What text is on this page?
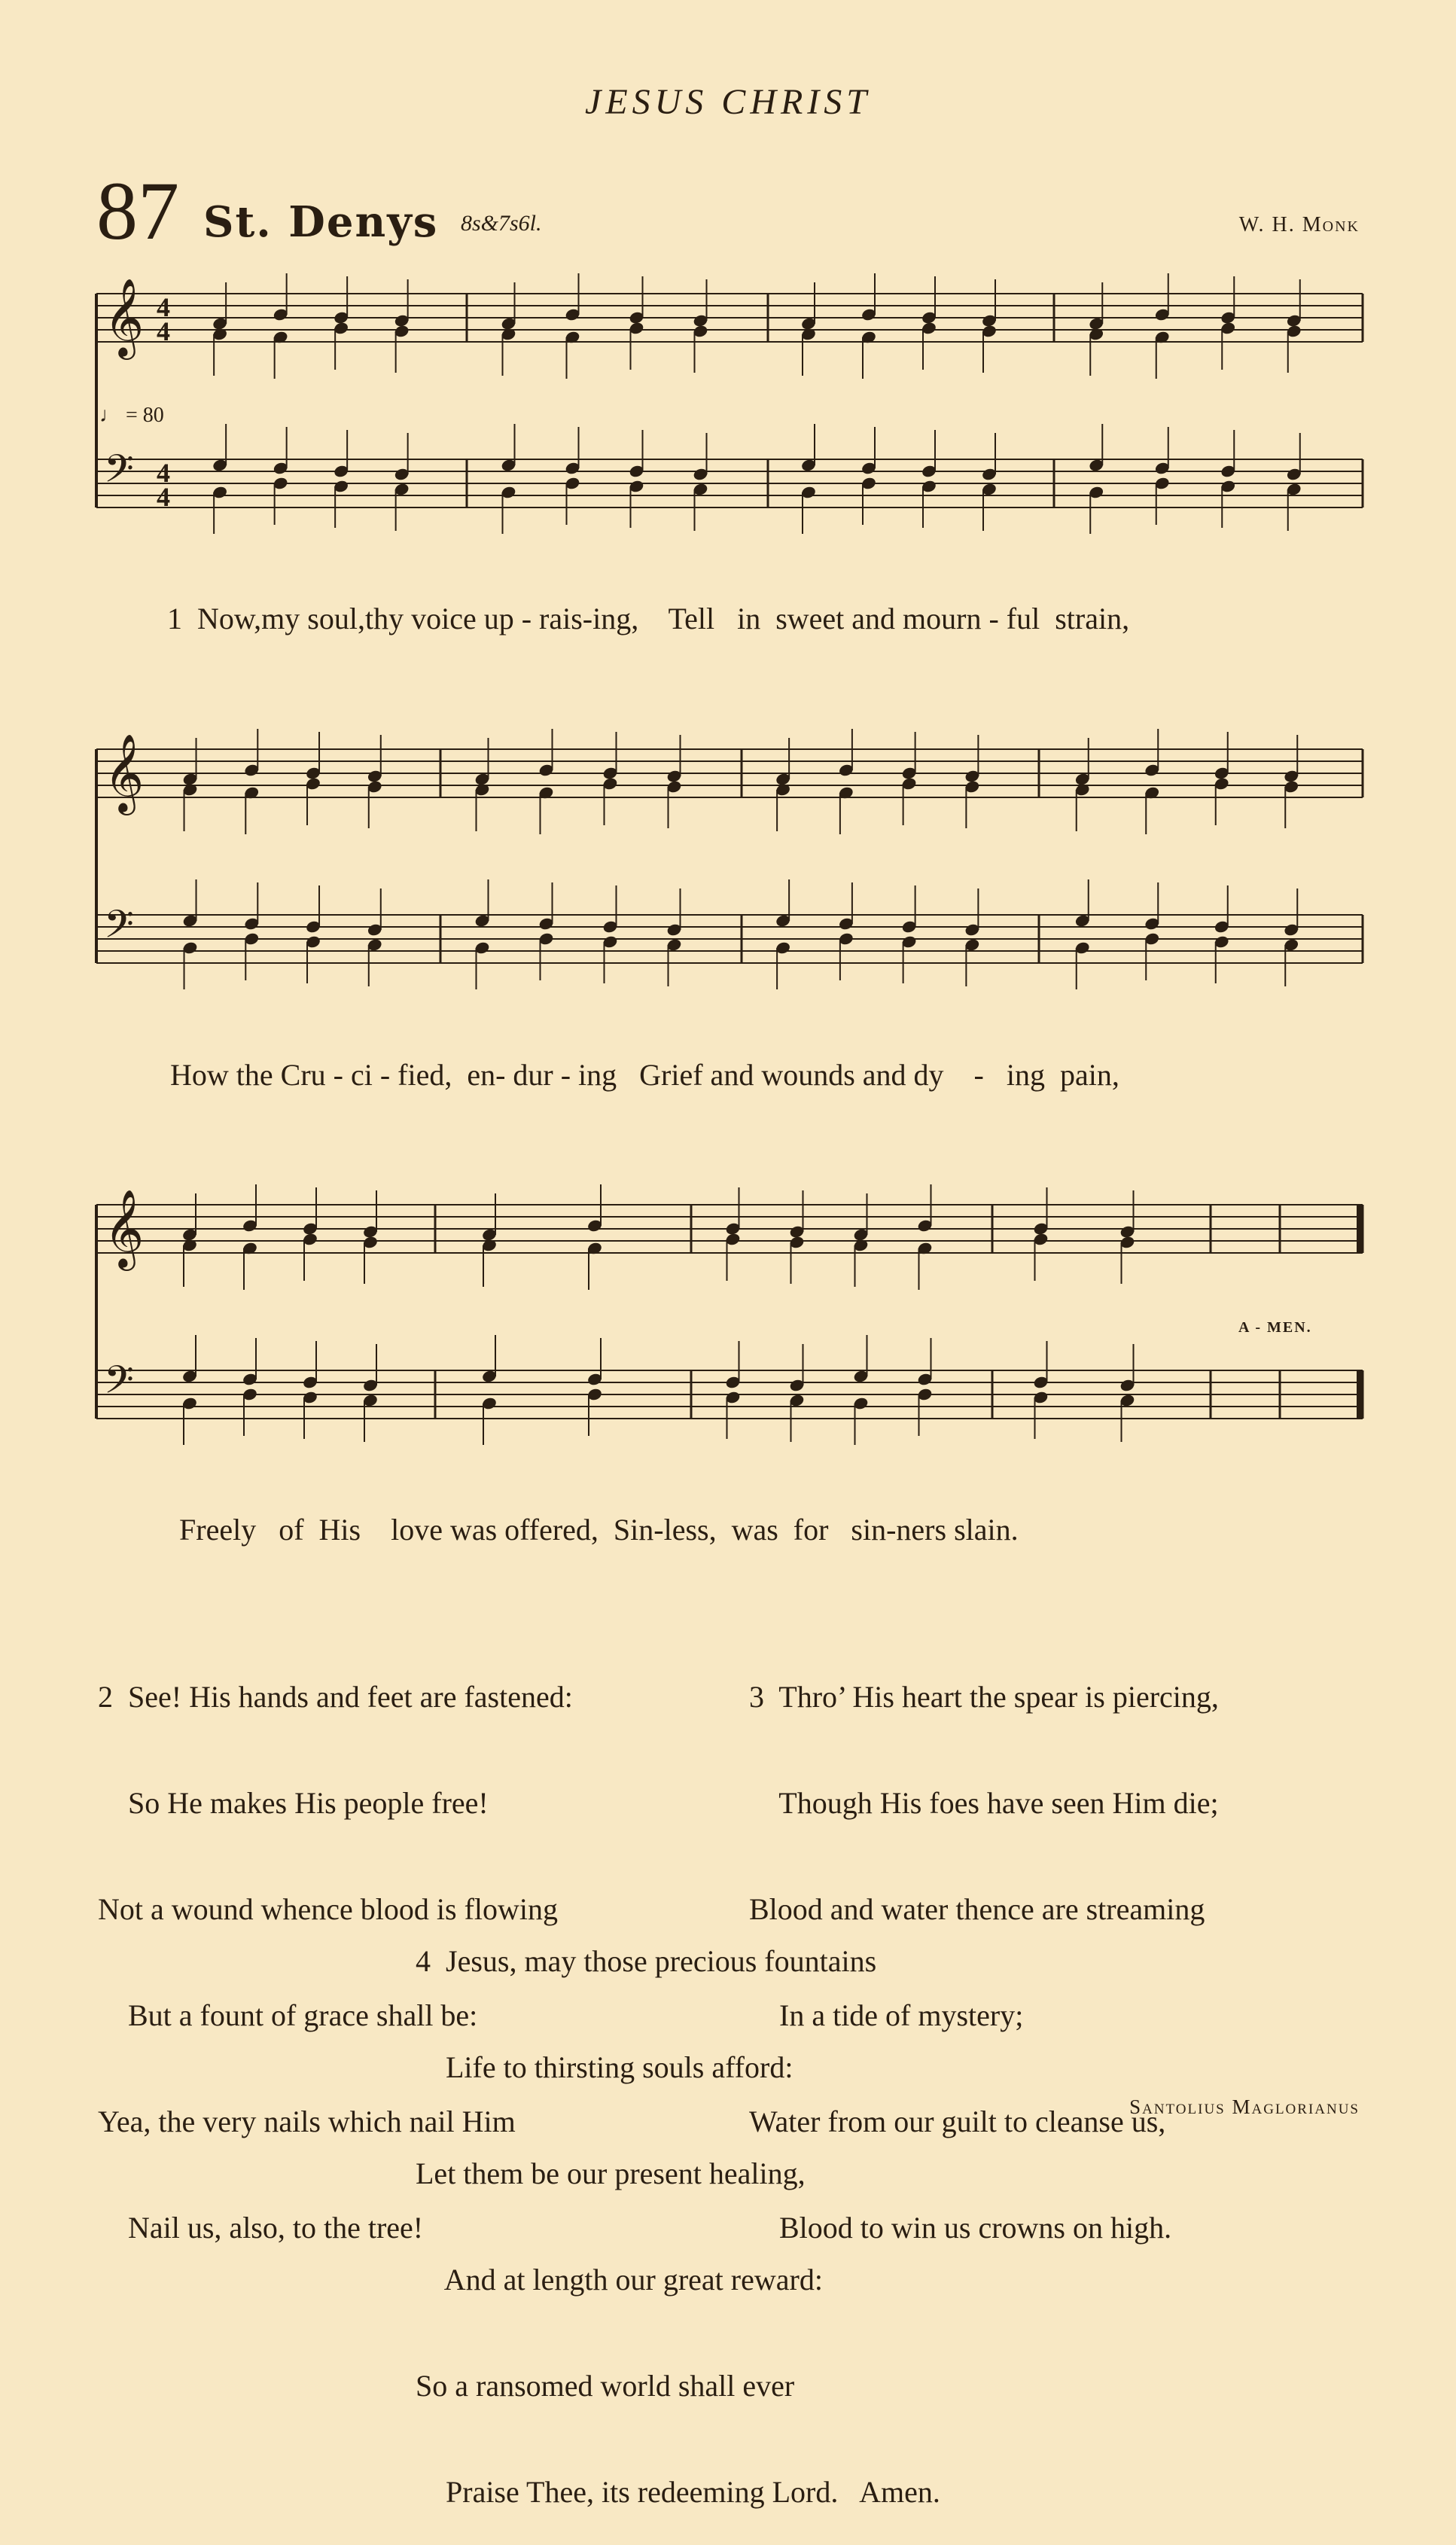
JESUS CHRIST
87 St. Denys 8s&7s6l.	W. H. Monk
𝄞 4
4
𝄢 4
4
𝄞
𝄢
𝄞
𝄢
♩ = 80
1  Now,my soul,thy voice up - rais-ing,    Tell   in  sweet and mourn - ful  strain,
How the Cru - ci - fied,  en- dur - ing   Grief and wounds and dy    -   ing  pain,
Freely   of  His    love was offered,  Sin-less,  was  for   sin-ners slain.
A - MEN.

2  See! His hands and feet are fastened:

So He makes His people free!

Not a wound whence blood is flowing

But a fount of grace shall be:

Yea, the very nails which nail Him

Nail us, also, to the tree!

3  Thro’ His heart the spear is piercing,

Though His foes have seen Him die;

Blood and water thence are streaming

In a tide of mystery;

Water from our guilt to cleanse us,

Blood to win us crowns on high.

4  Jesus, may those precious fountains

Life to thirsting souls afford:

Let them be our present healing,

And at length our great reward:

So a ransomed world shall ever

Praise Thee, its redeeming Lord.   Amen.

Santolius Maglorianus
